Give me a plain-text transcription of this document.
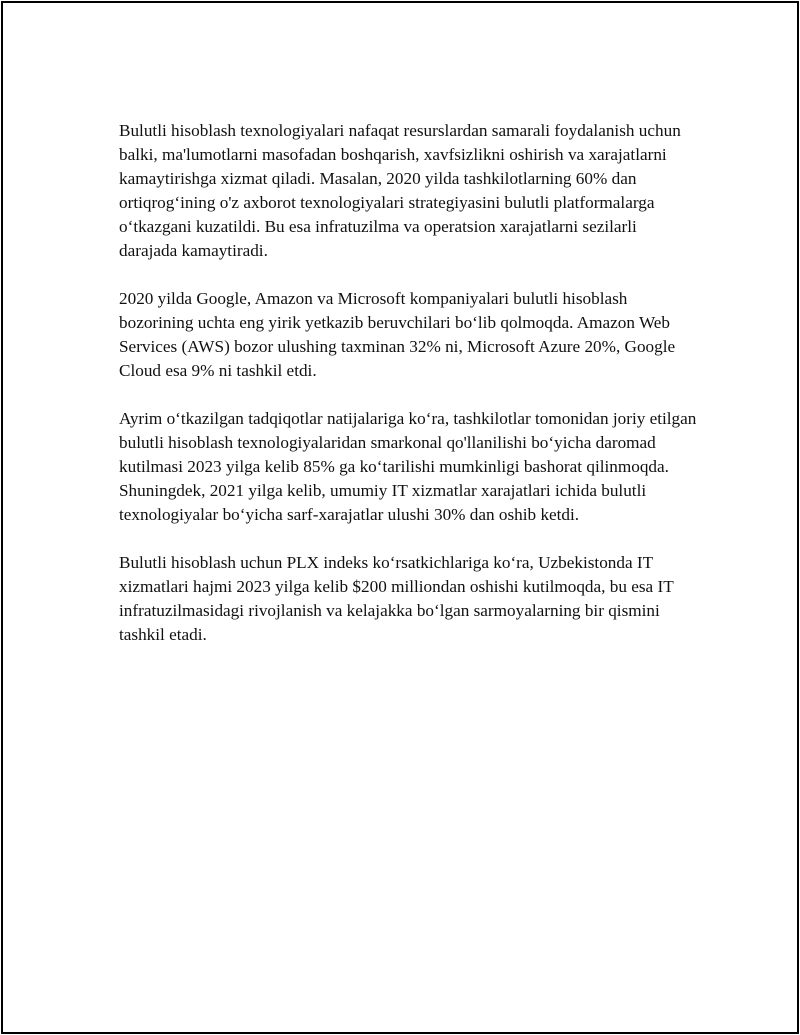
Bulutli hisoblash texnologiyalari nafaqat resurslardan samarali foydalanish uchun balki, ma'lumotlarni masofadan boshqarish, xavfsizlikni oshirish va xarajatlarni kamaytirishga xizmat qiladi. Masalan, 2020 yilda tashkilotlarning 60% dan ortiqrog‘ining o'z axborot texnologiyalari strategiyasini bulutli platformalarga o‘tkazgani kuzatildi. Bu esa infratuzilma va operatsion xarajatlarni sezilarli darajada kamaytiradi.

2020 yilda Google, Amazon va Microsoft kompaniyalari bulutli hisoblash bozorining uchta eng yirik yetkazib beruvchilari bo‘lib qolmoqda. Amazon Web Services (AWS) bozor ulushing taxminan 32% ni, Microsoft Azure 20%, Google Cloud esa 9% ni tashkil etdi.

Ayrim o‘tkazilgan tadqiqotlar natijalariga ko‘ra, tashkilotlar tomonidan joriy etilgan bulutli hisoblash texnologiyalaridan smarkonal qo'llanilishi bo‘yicha daromad kutilmasi 2023 yilga kelib 85% ga ko‘tarilishi mumkinligi bashorat qilinmoqda. Shuningdek, 2021 yilga kelib, umumiy IT xizmatlar xarajatlari ichida bulutli texnologiyalar bo‘yicha sarf-xarajatlar ulushi 30% dan oshib ketdi.

Bulutli hisoblash uchun PLX indeks ko‘rsatkichlariga ko‘ra, Uzbekistonda IT xizmatlari hajmi 2023 yilga kelib $200 milliondan oshishi kutilmoqda, bu esa IT infratuzilmasidagi rivojlanish va kelajakka bo‘lgan sarmoyalarning bir qismini tashkil etadi.
